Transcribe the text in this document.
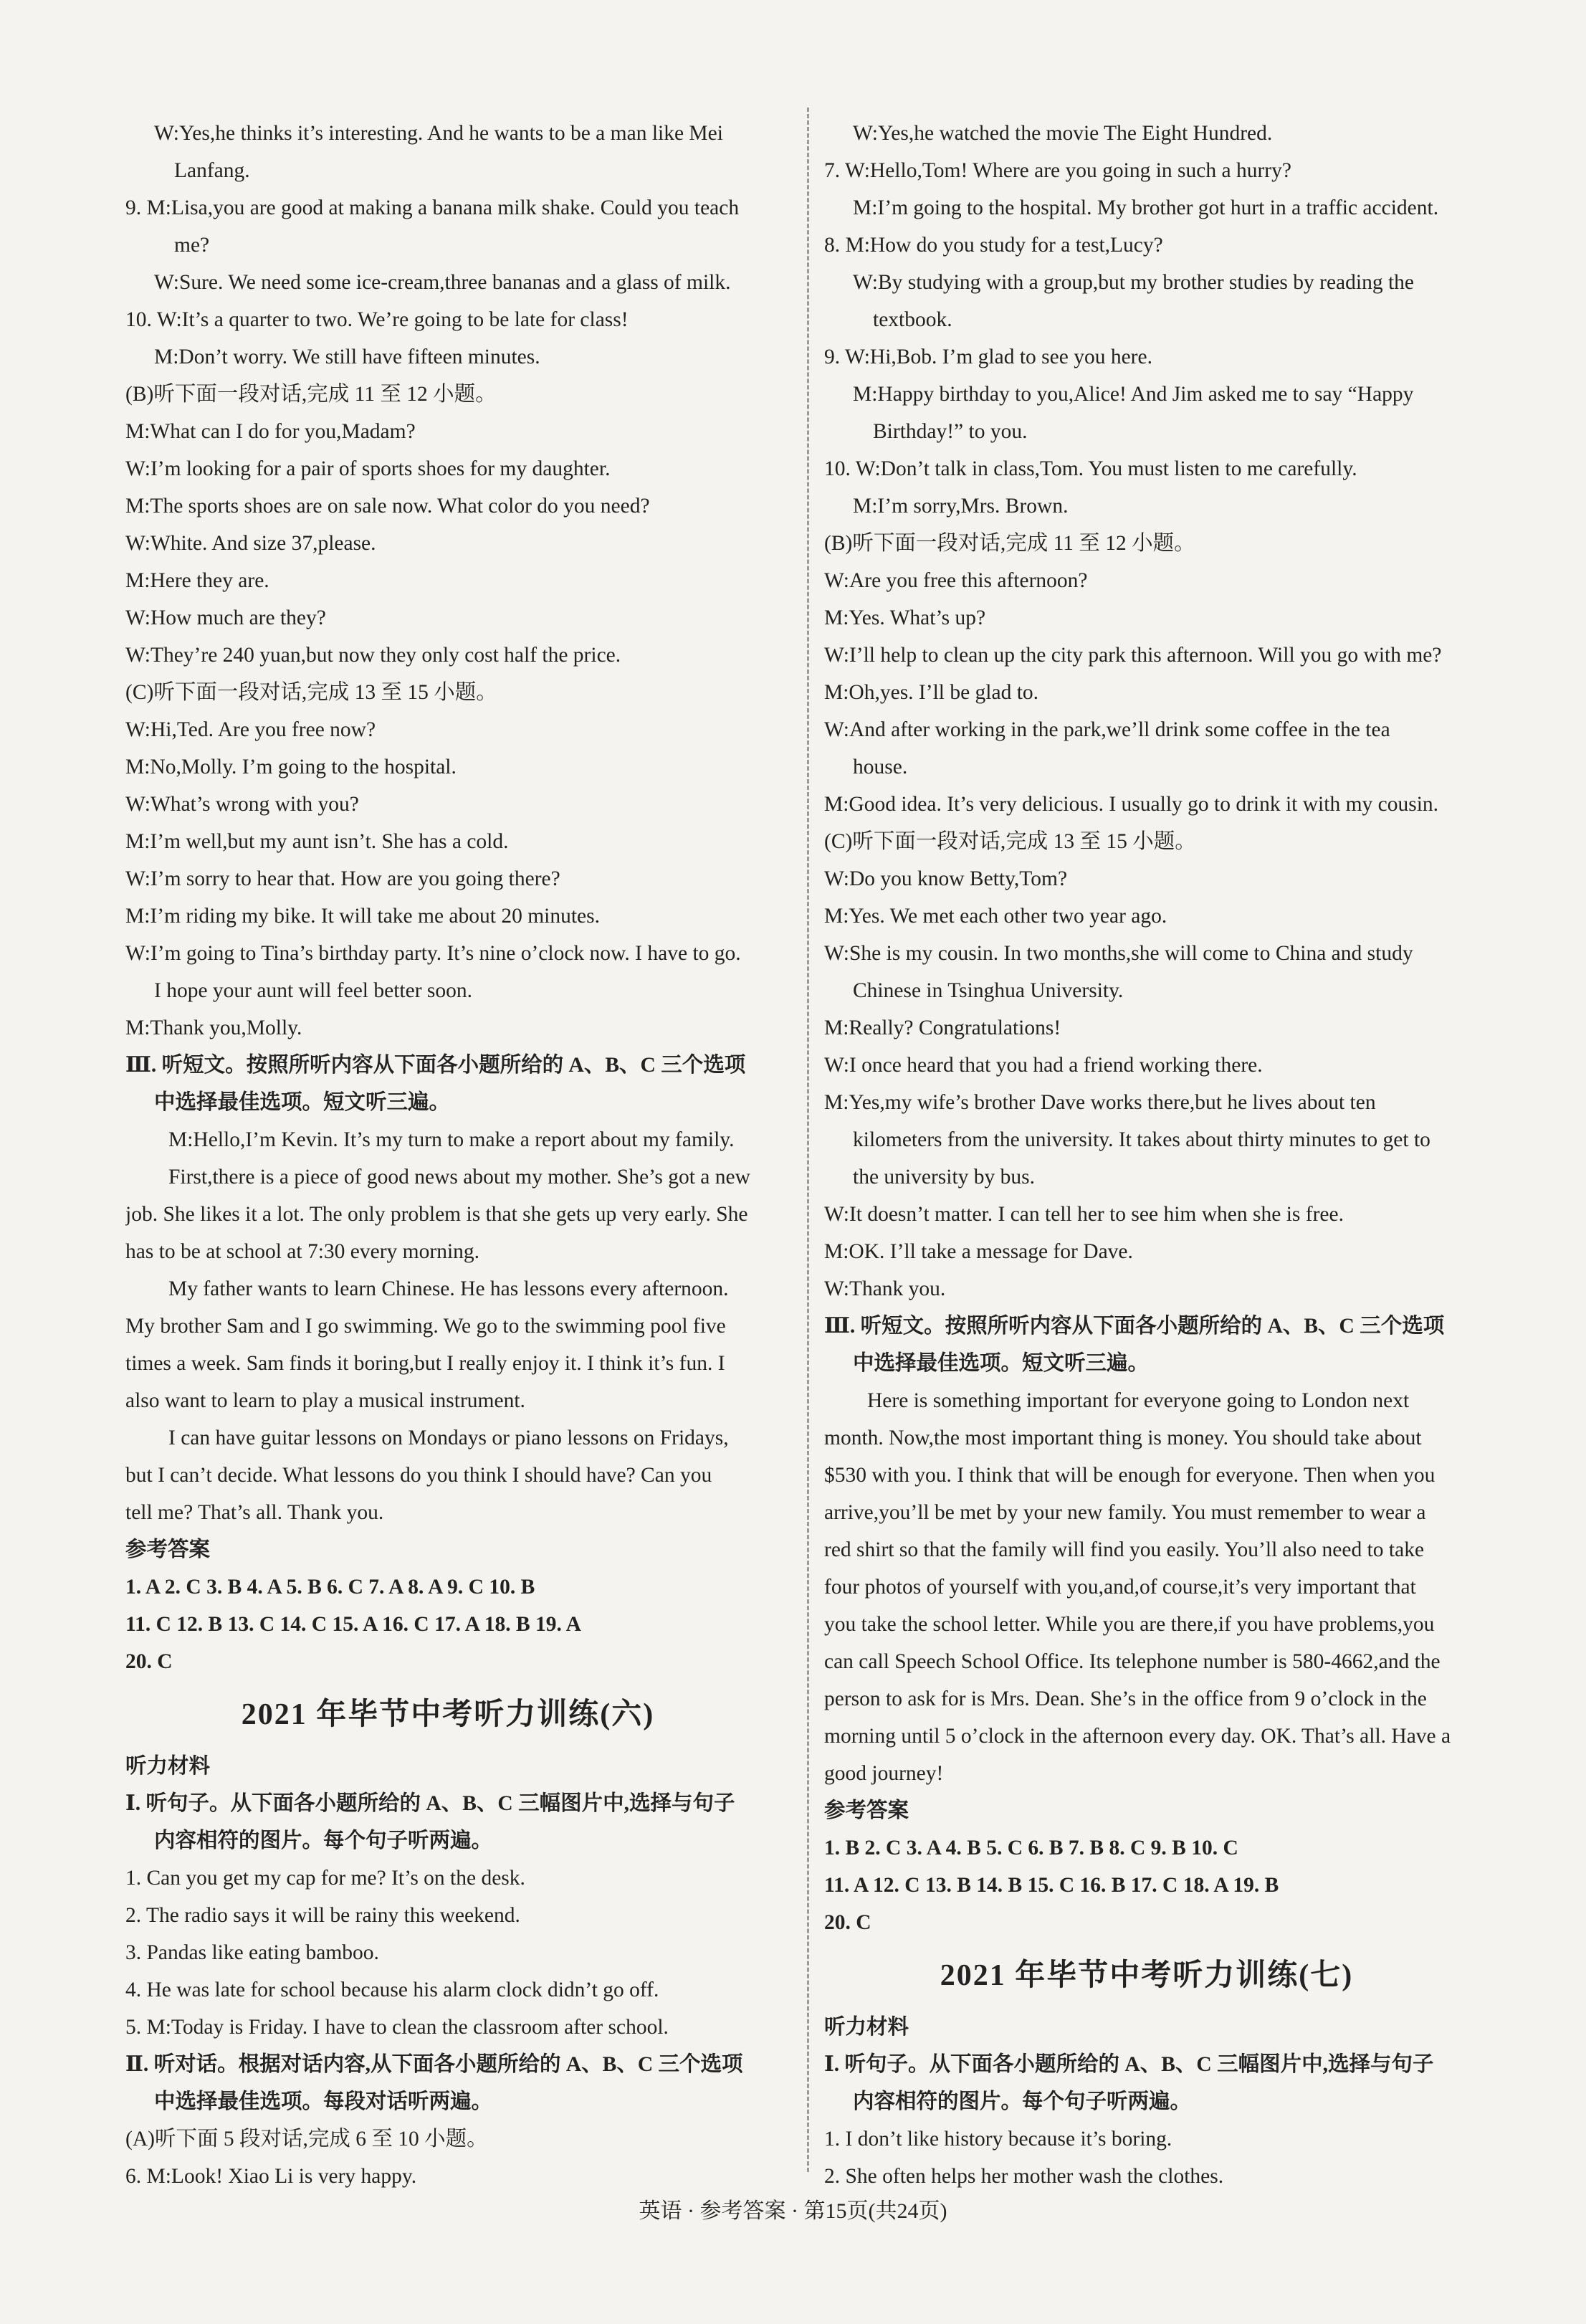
W:Yes,he thinks it’s interesting. And he wants to be a man like Mei
Lanfang.
9. M:Lisa,you are good at making a banana milk shake. Could you teach
me?
W:Sure. We need some ice-cream,three bananas and a glass of milk.
10. W:It’s a quarter to two. We’re going to be late for class!
M:Don’t worry. We still have fifteen minutes.
(B)听下面一段对话,完成 11 至 12 小题。
M:What can I do for you,Madam?
W:I’m looking for a pair of sports shoes for my daughter.
M:The sports shoes are on sale now. What color do you need?
W:White. And size 37,please.
M:Here they are.
W:How much are they?
W:They’re 240 yuan,but now they only cost half the price.
(C)听下面一段对话,完成 13 至 15 小题。
W:Hi,Ted. Are you free now?
M:No,Molly. I’m going to the hospital.
W:What’s wrong with you?
M:I’m well,but my aunt isn’t. She has a cold.
W:I’m sorry to hear that. How are you going there?
M:I’m riding my bike. It will take me about 20 minutes.
W:I’m going to Tina’s birthday party. It’s nine o’clock now. I have to go.
I hope your aunt will feel better soon.
M:Thank you,Molly.
Ⅲ. 听短文。按照所听内容从下面各小题所给的 A、B、C 三个选项
中选择最佳选项。短文听三遍。
M:Hello,I’m Kevin. It’s my turn to make a report about my family.
First,there is a piece of good news about my mother. She’s got a new
job. She likes it a lot. The only problem is that she gets up very early. She
has to be at school at 7:30 every morning.
My father wants to learn Chinese. He has lessons every afternoon.
My brother Sam and I go swimming. We go to the swimming pool five
times a week. Sam finds it boring,but I really enjoy it. I think it’s fun. I
also want to learn to play a musical instrument.
I can have guitar lessons on Mondays or piano lessons on Fridays,
but I can’t decide. What lessons do you think I should have? Can you
tell me? That’s all. Thank you.
参考答案
1. A 2. C 3. B 4. A 5. B 6. C 7. A 8. A 9. C 10. B
11. C 12. B 13. C 14. C 15. A 16. C 17. A 18. B 19. A
20. C
2021 年毕节中考听力训练(六)
听力材料
Ⅰ. 听句子。从下面各小题所给的 A、B、C 三幅图片中,选择与句子
内容相符的图片。每个句子听两遍。
1. Can you get my cap for me? It’s on the desk.
2. The radio says it will be rainy this weekend.
3. Pandas like eating bamboo.
4. He was late for school because his alarm clock didn’t go off.
5. M:Today is Friday. I have to clean the classroom after school.
Ⅱ. 听对话。根据对话内容,从下面各小题所给的 A、B、C 三个选项
中选择最佳选项。每段对话听两遍。
(A)听下面 5 段对话,完成 6 至 10 小题。
6. M:Look! Xiao Li is very happy.
W:Yes,he watched the movie The Eight Hundred.
7. W:Hello,Tom! Where are you going in such a hurry?
M:I’m going to the hospital. My brother got hurt in a traffic accident.
8. M:How do you study for a test,Lucy?
W:By studying with a group,but my brother studies by reading the
textbook.
9. W:Hi,Bob. I’m glad to see you here.
M:Happy birthday to you,Alice! And Jim asked me to say “Happy
Birthday!” to you.
10. W:Don’t talk in class,Tom. You must listen to me carefully.
M:I’m sorry,Mrs. Brown.
(B)听下面一段对话,完成 11 至 12 小题。
W:Are you free this afternoon?
M:Yes. What’s up?
W:I’ll help to clean up the city park this afternoon. Will you go with me?
M:Oh,yes. I’ll be glad to.
W:And after working in the park,we’ll drink some coffee in the tea
house.
M:Good idea. It’s very delicious. I usually go to drink it with my cousin.
(C)听下面一段对话,完成 13 至 15 小题。
W:Do you know Betty,Tom?
M:Yes. We met each other two year ago.
W:She is my cousin. In two months,she will come to China and study
Chinese in Tsinghua University.
M:Really? Congratulations!
W:I once heard that you had a friend working there.
M:Yes,my wife’s brother Dave works there,but he lives about ten
kilometers from the university. It takes about thirty minutes to get to
the university by bus.
W:It doesn’t matter. I can tell her to see him when she is free.
M:OK. I’ll take a message for Dave.
W:Thank you.
Ⅲ. 听短文。按照所听内容从下面各小题所给的 A、B、C 三个选项
中选择最佳选项。短文听三遍。
Here is something important for everyone going to London next
month. Now,the most important thing is money. You should take about
$530 with you. I think that will be enough for everyone. Then when you
arrive,you’ll be met by your new family. You must remember to wear a
red shirt so that the family will find you easily. You’ll also need to take
four photos of yourself with you,and,of course,it’s very important that
you take the school letter. While you are there,if you have problems,you
can call Speech School Office. Its telephone number is 580-4662,and the
person to ask for is Mrs. Dean. She’s in the office from 9 o’clock in the
morning until 5 o’clock in the afternoon every day. OK. That’s all. Have a
good journey!
参考答案
1. B 2. C 3. A 4. B 5. C 6. B 7. B 8. C 9. B 10. C
11. A 12. C 13. B 14. B 15. C 16. B 17. C 18. A 19. B
20. C
2021 年毕节中考听力训练(七)
听力材料
Ⅰ. 听句子。从下面各小题所给的 A、B、C 三幅图片中,选择与句子
内容相符的图片。每个句子听两遍。
1. I don’t like history because it’s boring.
2. She often helps her mother wash the clothes.
英语 · 参考答案 · 第15页(共24页)
